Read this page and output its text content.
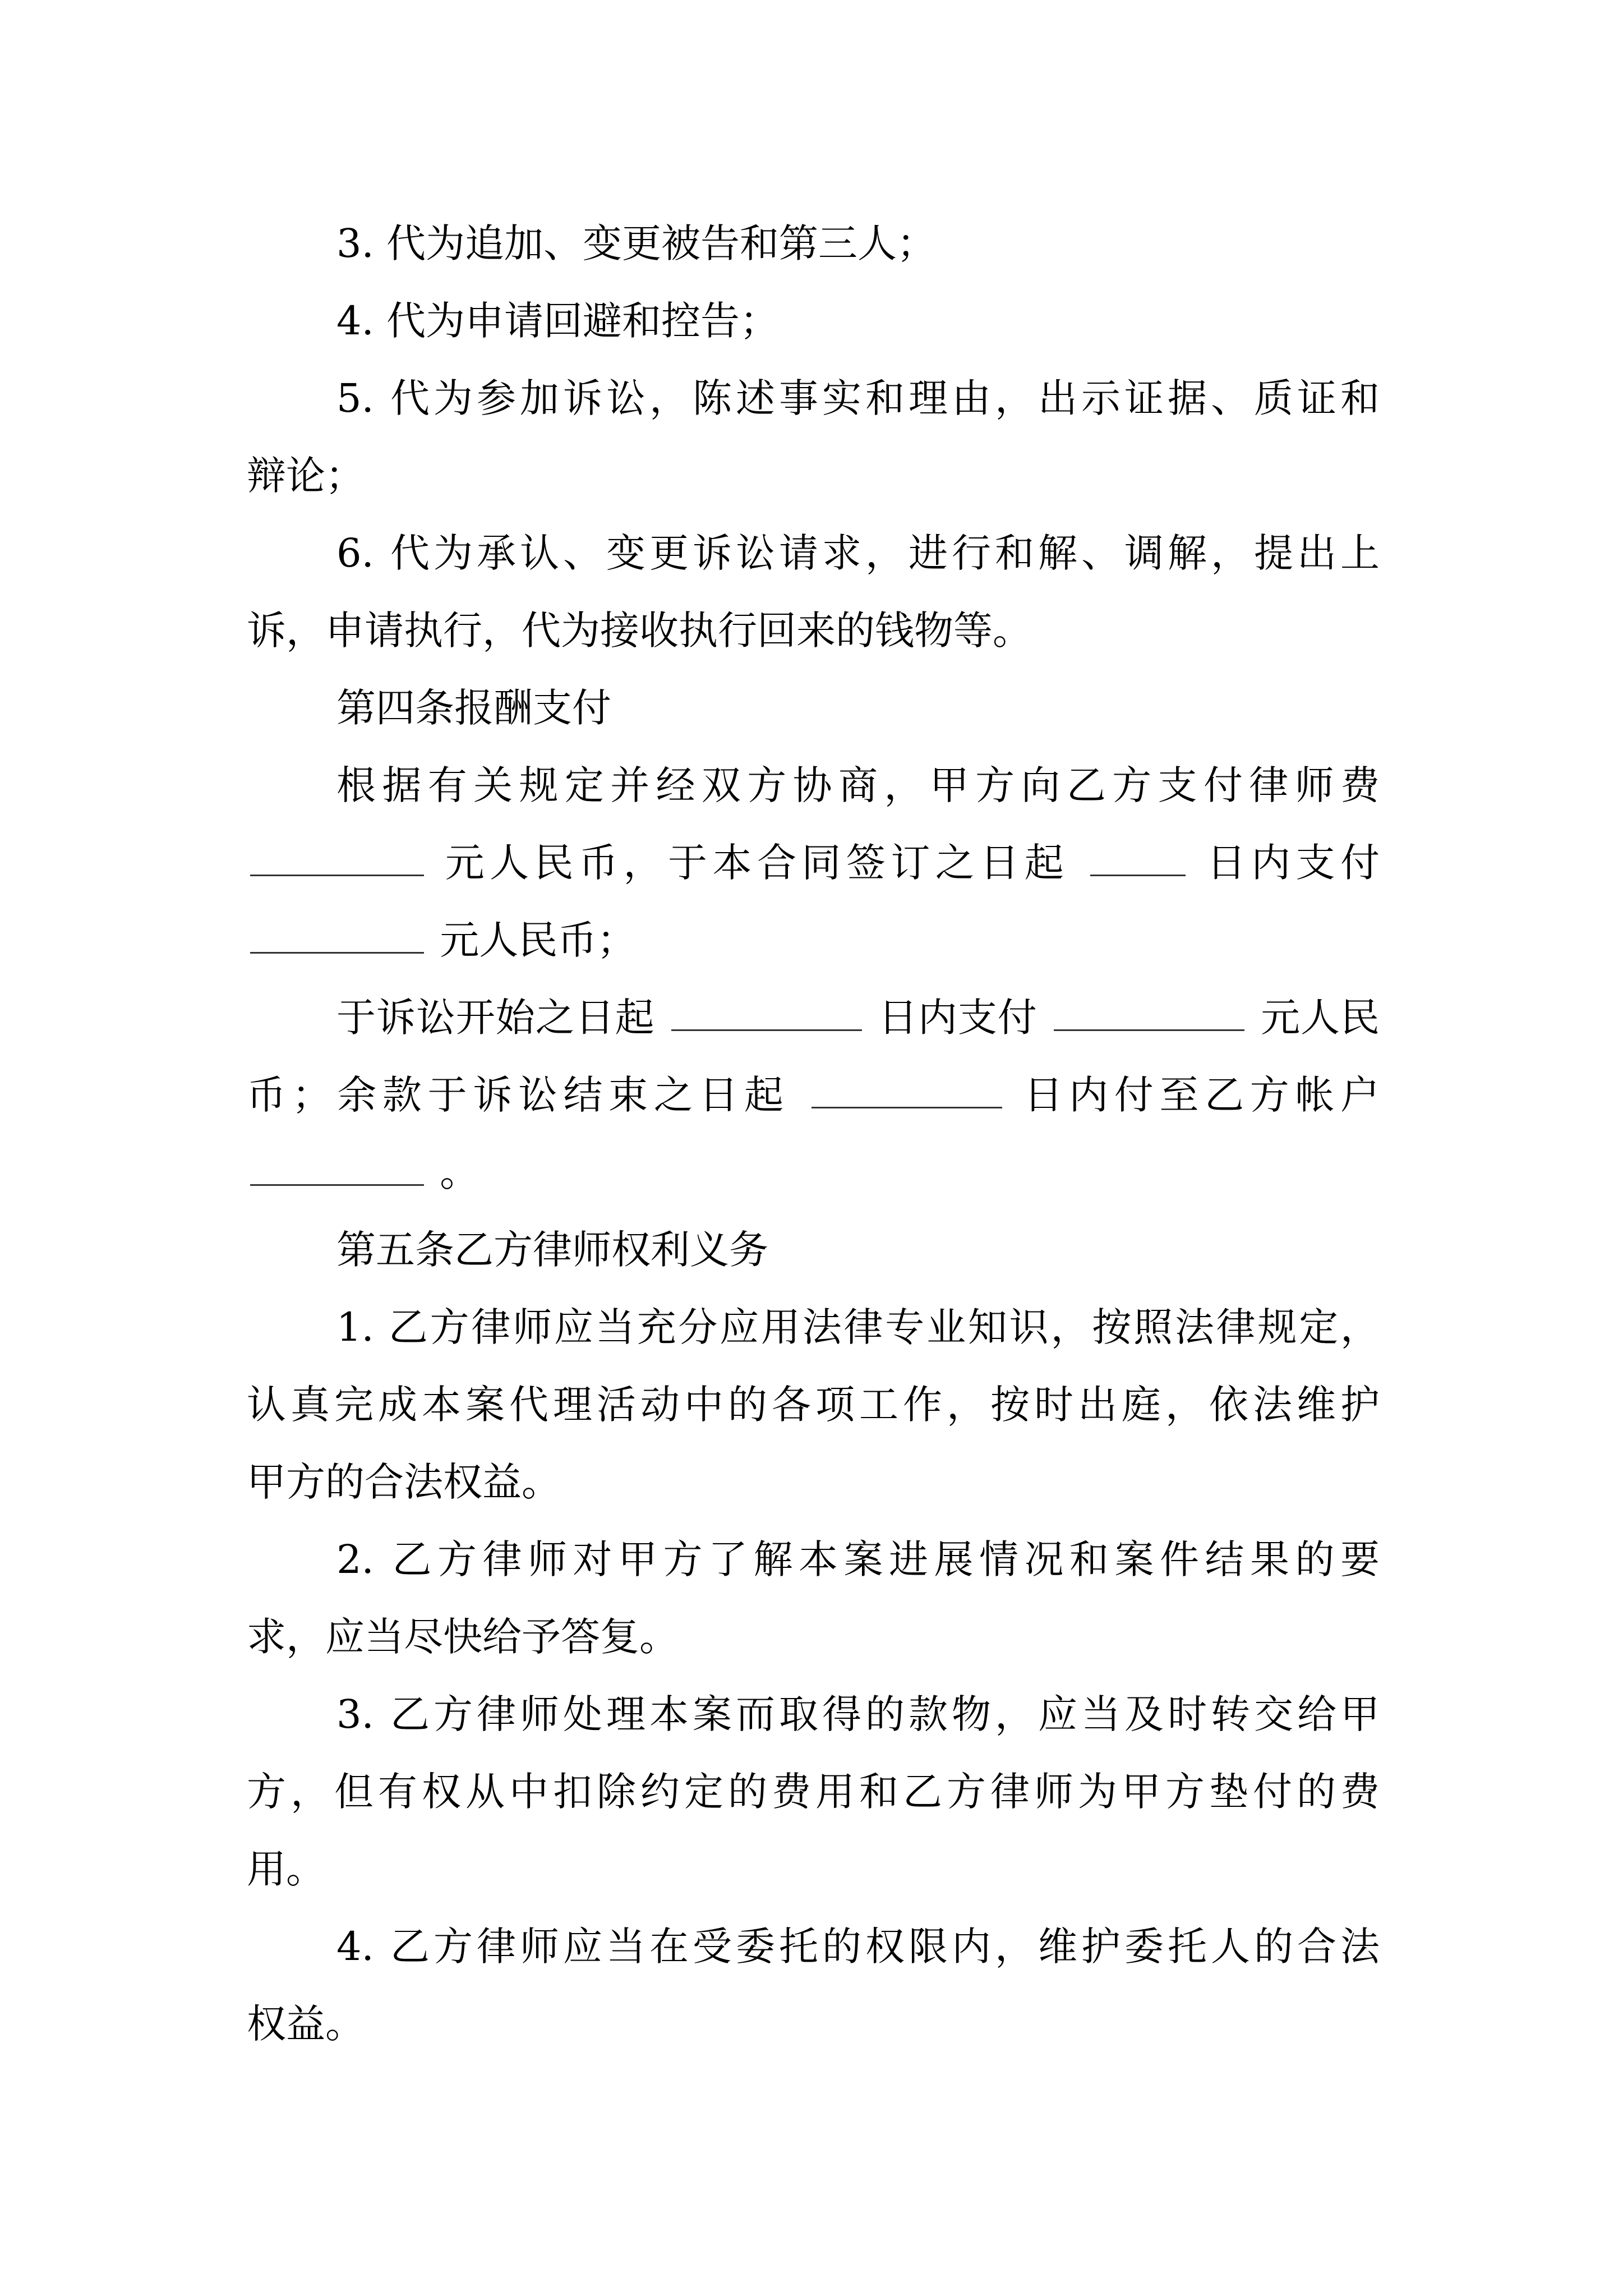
3. 代为追加、变更被告和第三人；
4. 代为申请回避和控告；
5. 代为参加诉讼，陈述事实和理由，出示证据、质证和
辩论；
6. 代为承认、变更诉讼请求，进行和解、调解，提出上
诉，申请执行，代为接收执行回来的钱物等。
第四条报酬支付
根据有关规定并经双方协商，甲方向乙方支付律师费
元人民币，于本合同签订之日起	日内支付
元人民币；
于诉讼开始之日起	日内支付	元人民
币；余款于诉讼结束之日起	日内付至乙方帐户
。
第五条乙方律师权利义务
1. 乙方律师应当充分应用法律专业知识，按照法律规定，
认真完成本案代理活动中的各项工作，按时出庭，依法维护
甲方的合法权益。
2. 乙方律师对甲方了解本案进展情况和案件结果的要
求，应当尽快给予答复。
3. 乙方律师处理本案而取得的款物，应当及时转交给甲
方，但有权从中扣除约定的费用和乙方律师为甲方垫付的费
用。
4. 乙方律师应当在受委托的权限内，维护委托人的合法
权益。
